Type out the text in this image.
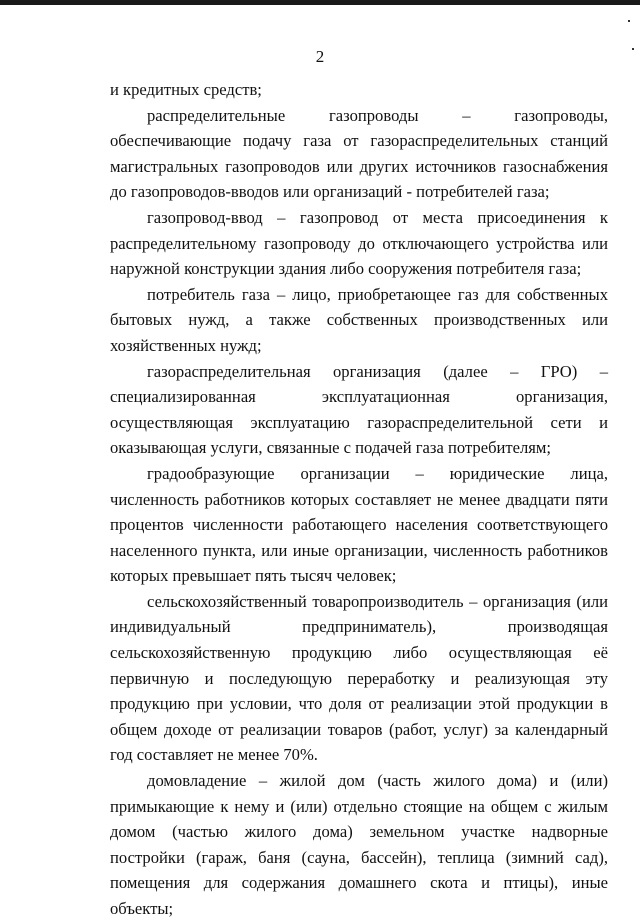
2

и кредитных средств;

распределительные газопроводы – газопроводы, обеспечивающие подачу газа от газораспределительных станций магистральных газопроводов или других источников газоснабжения до газопроводов-вводов или организаций - потребителей газа;

газопровод-ввод – газопровод от места присоединения к распределительному газопроводу до отключающего устройства или наружной конструкции здания либо сооружения потребителя газа;

потребитель газа – лицо, приобретающее газ для собственных бытовых нужд, а также собственных производственных или хозяйственных нужд;

газораспределительная организация (далее – ГРО) – специализированная эксплуатационная организация, осуществляющая эксплуатацию газораспределительной сети и оказывающая услуги, связанные с подачей газа потребителям;

градообразующие организации – юридические лица, численность работников которых составляет не менее двадцати пяти процентов численности работающего населения соответствующего населенного пункта, или иные организации, численность работников которых превышает пять тысяч человек;

сельскохозяйственный товаропроизводитель – организация (или индивидуальный предприниматель), производящая сельскохозяйственную продукцию либо осуществляющая её первичную и последующую переработку и реализующая эту продукцию при условии, что доля от реализации этой продукции в общем доходе от реализации товаров (работ, услуг) за календарный год составляет не менее 70%.

домовладение – жилой дом (часть жилого дома) и (или) примыкающие к нему и (или) отдельно стоящие на общем с жилым домом (частью жилого дома) земельном участке надворные постройки (гараж, баня (сауна, бассейн), теплица (зимний сад), помещения для содержания домашнего скота и птицы), иные объекты;
